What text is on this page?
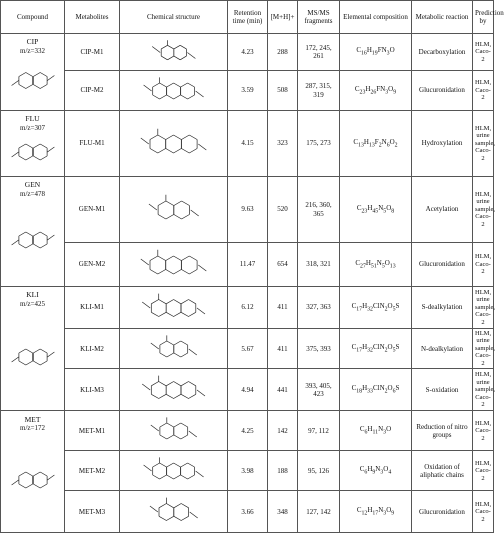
Compound	Metabolites	Chemical structure	Retention time (min)	[M+H]+	MS/MS fragments	Elemental composition	Metabolic reaction	Prediction by

CIP
m/z=332	CIP-M1		4.23	288	172, 245, 261	$C_{16}H_{19}FN_3O$	Decarboxylation	HLM, Caco-2
	CIP-M2		3.59	508	287, 315, 319	$C_{23}H_{26}FN_3O_9$	Glucuronidation	HLM, Caco-2

FLU
m/z=307	FLU-M1		4.15	323	175, 273	$C_{13}H_{13}F_2N_6O_2$	Hydroxylation	HLM, urine sample, Caco-2

GEN
m/z=478	GEN-M1		9.63	520	216, 360, 365	$C_{23}H_{45}N_5O_8$	Acetylation	HLM, urine sample, Caco-2
	GEN-M2		11.47	654	318, 321	$C_{27}H_{51}N_5O_{13}$	Glucuronidation	HLM, Caco-2

KLI
m/z=425	KLI-M1		6.12	411	327, 363	$C_{17}H_{32}ClN_2O_5S$	S-dealkylation	HLM, urine sample, Caco-2
	KLI-M2		5.67	411	375, 393	$C_{17}H_{32}ClN_2O_5S$	N-dealkylation	HLM, urine sample, Caco-2
	KLI-M3		4.94	441	393, 405, 423	$C_{18}H_{33}ClN_2O_6S$	S-oxidation	HLM, urine sample, Caco-2

MET
m/z=172	MET-M1		4.25	142	97, 112	$C_6H_{11}N_3O$	Reduction of nitro groups	HLM, Caco-2
	MET-M2		3.98	188	95, 126	$C_6H_9N_3O_4$	Oxidation of aliphatic chains	HLM, Caco-2
	MET-M3		3.66	348	127, 142	$C_{12}H_{17}N_3O_9$	Glucuronidation	HLM, Caco-2
